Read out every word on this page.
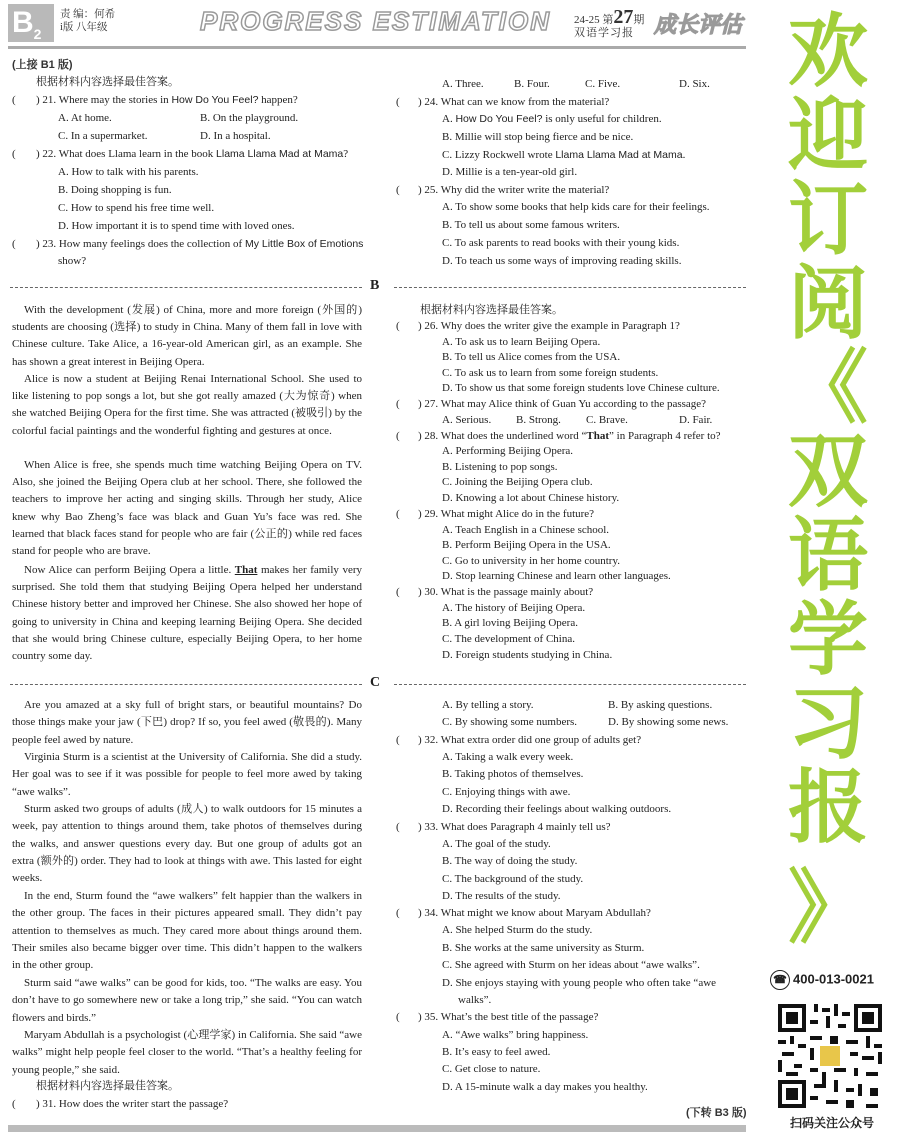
$B_2$
责 编：何希
i版 八年级	PROGRESS ESTIMATION 24-25 第27期
双语学习报 成长评估
(上接 B1 版)
根据材料内容选择最佳答案。
( ) 21. Where may the stories in How Do You Feel? happen?
A. At home.	B. On the playground.
C. In a supermarket.	D. In a hospital.
( ) 22. What does Llama learn in the book Llama Llama Mad at Mama?
A. How to talk with his parents.
B. Doing shopping is fun.
C. How to spend his free time well.
D. How important it is to spend time with loved ones.
( ) 23. How many feelings does the collection of My Little Box of Emotions
show?
A. Three.	B. Four.	C. Five.	D. Six.
( ) 24. What can we know from the material?
A. How Do You Feel? is only useful for children.
B. Millie will stop being fierce and be nice.
C. Lizzy Rockwell wrote Llama Llama Mad at Mama.
D. Millie is a ten-year-old girl.
( ) 25. Why did the writer write the material?
A. To show some books that help kids care for their feelings.
B. To tell us about some famous writers.
C. To ask parents to read books with their young kids.
D. To teach us some ways of improving reading skills.
B
With the development (发展) of China, more and more foreign (外国的) students are choosing (选择) to study in China. Many of them fall in love with Chinese culture. Take Alice, a 16-year-old American girl, as an example. She has shown a great interest in Beijing Opera.
Alice is now a student at Beijing Renai International School. She used to like listening to pop songs a lot, but she got really amazed (大为惊奇) when she watched Beijing Opera for the first time. She was attracted (被吸引) by the colorful facial paintings and the wonderful fighting and gestures at once.
When Alice is free, she spends much time watching Beijing Opera on TV. Also, she joined the Beijing Opera club at her school. There, she followed the teachers to improve her acting and singing skills. Through her study, Alice knew why Bao Zheng’s face was black and Guan Yu’s face was red. She learned that black faces stand for people who are fair (公正的) while red faces stand for people who are brave.
Now Alice can perform Beijing Opera a little. That makes her family very surprised. She told them that studying Beijing Opera helped her understand Chinese history better and improved her Chinese. She also showed her hope of going to university in China and keeping learning Beijing Opera. She decided that she would bring Chinese culture, especially Beijing Opera, to her home country some day.
根据材料内容选择最佳答案。
( ) 26. Why does the writer give the example in Paragraph 1?
A. To ask us to learn Beijing Opera.
B. To tell us Alice comes from the USA.
C. To ask us to learn from some foreign students.
D. To show us that some foreign students love Chinese culture.
( ) 27. What may Alice think of Guan Yu according to the passage?
A. Serious. B. Strong. C. Brave.	D. Fair.
( ) 28. What does the underlined word “That” in Paragraph 4 refer to?
A. Performing Beijing Opera.
B. Listening to pop songs.
C. Joining the Beijing Opera club.
D. Knowing a lot about Chinese history.
( ) 29. What might Alice do in the future?
A. Teach English in a Chinese school.
B. Perform Beijing Opera in the USA.
C. Go to university in her home country.
D. Stop learning Chinese and learn other languages.
( ) 30. What is the passage mainly about?
A. The history of Beijing Opera.
B. A girl loving Beijing Opera.
C. The development of China.
D. Foreign students studying in China.
C
Are you amazed at a sky full of bright stars, or beautiful mountains? Do those things make your jaw (下巴) drop? If so, you feel awed (敬畏的). Many people feel awed by nature.
Virginia Sturm is a scientist at the University of California. She did a study. Her goal was to see if it was possible for people to feel more awed by taking “awe walks”.
Sturm asked two groups of adults (成人) to walk outdoors for 15 minutes a week, pay attention to things around them, take photos of themselves during the walks, and answer questions every day. But one group of adults got an extra (额外的) order. They had to look at things with awe. This lasted for eight weeks.
In the end, Sturm found the “awe walkers” felt happier than the walkers in the other group. The faces in their pictures appeared small. They didn’t pay attention to themselves as much. They cared more about things around them. Their smiles also became bigger over time. This didn’t happen to the walkers in the other group.
Sturm said “awe walks” can be good for kids, too. “The walks are easy. You don’t have to go somewhere new or take a long trip,” she said. “You can watch flowers and birds.”
Maryam Abdullah is a psychologist (心理学家) in California. She said “awe walks” might help people feel closer to the world. “That’s a healthy feeling for young people,” she said.
根据材料内容选择最佳答案。
( ) 31. How does the writer start the passage?
A. By telling a story.	B. By asking questions.
C. By showing some numbers.	D. By showing some news.
( ) 32. What extra order did one group of adults get?
A. Taking a walk every week.
B. Taking photos of themselves.
C. Enjoying things with awe.
D. Recording their feelings about walking outdoors.
( ) 33. What does Paragraph 4 mainly tell us?
A. The goal of the study.
B. The way of doing the study.
C. The background of the study.
D. The results of the study.
( ) 34. What might we know about Maryam Abdullah?
A. She helped Sturm do the study.
B. She works at the same university as Sturm.
C. She agreed with Sturm on her ideas about “awe walks”.
D. She enjoys staying with young people who often take “awe
walks”.
( ) 35. What’s the best title of the passage?
A. “Awe walks” bring happiness.
B. It’s easy to feel awed.
C. Get close to nature.
D. A 15-minute walk a day makes you healthy.
(下转 B3 版)
欢
迎
订
阅
《
双
语
学
习
报
》
☎ 400-013-0021
扫码关注公众号
